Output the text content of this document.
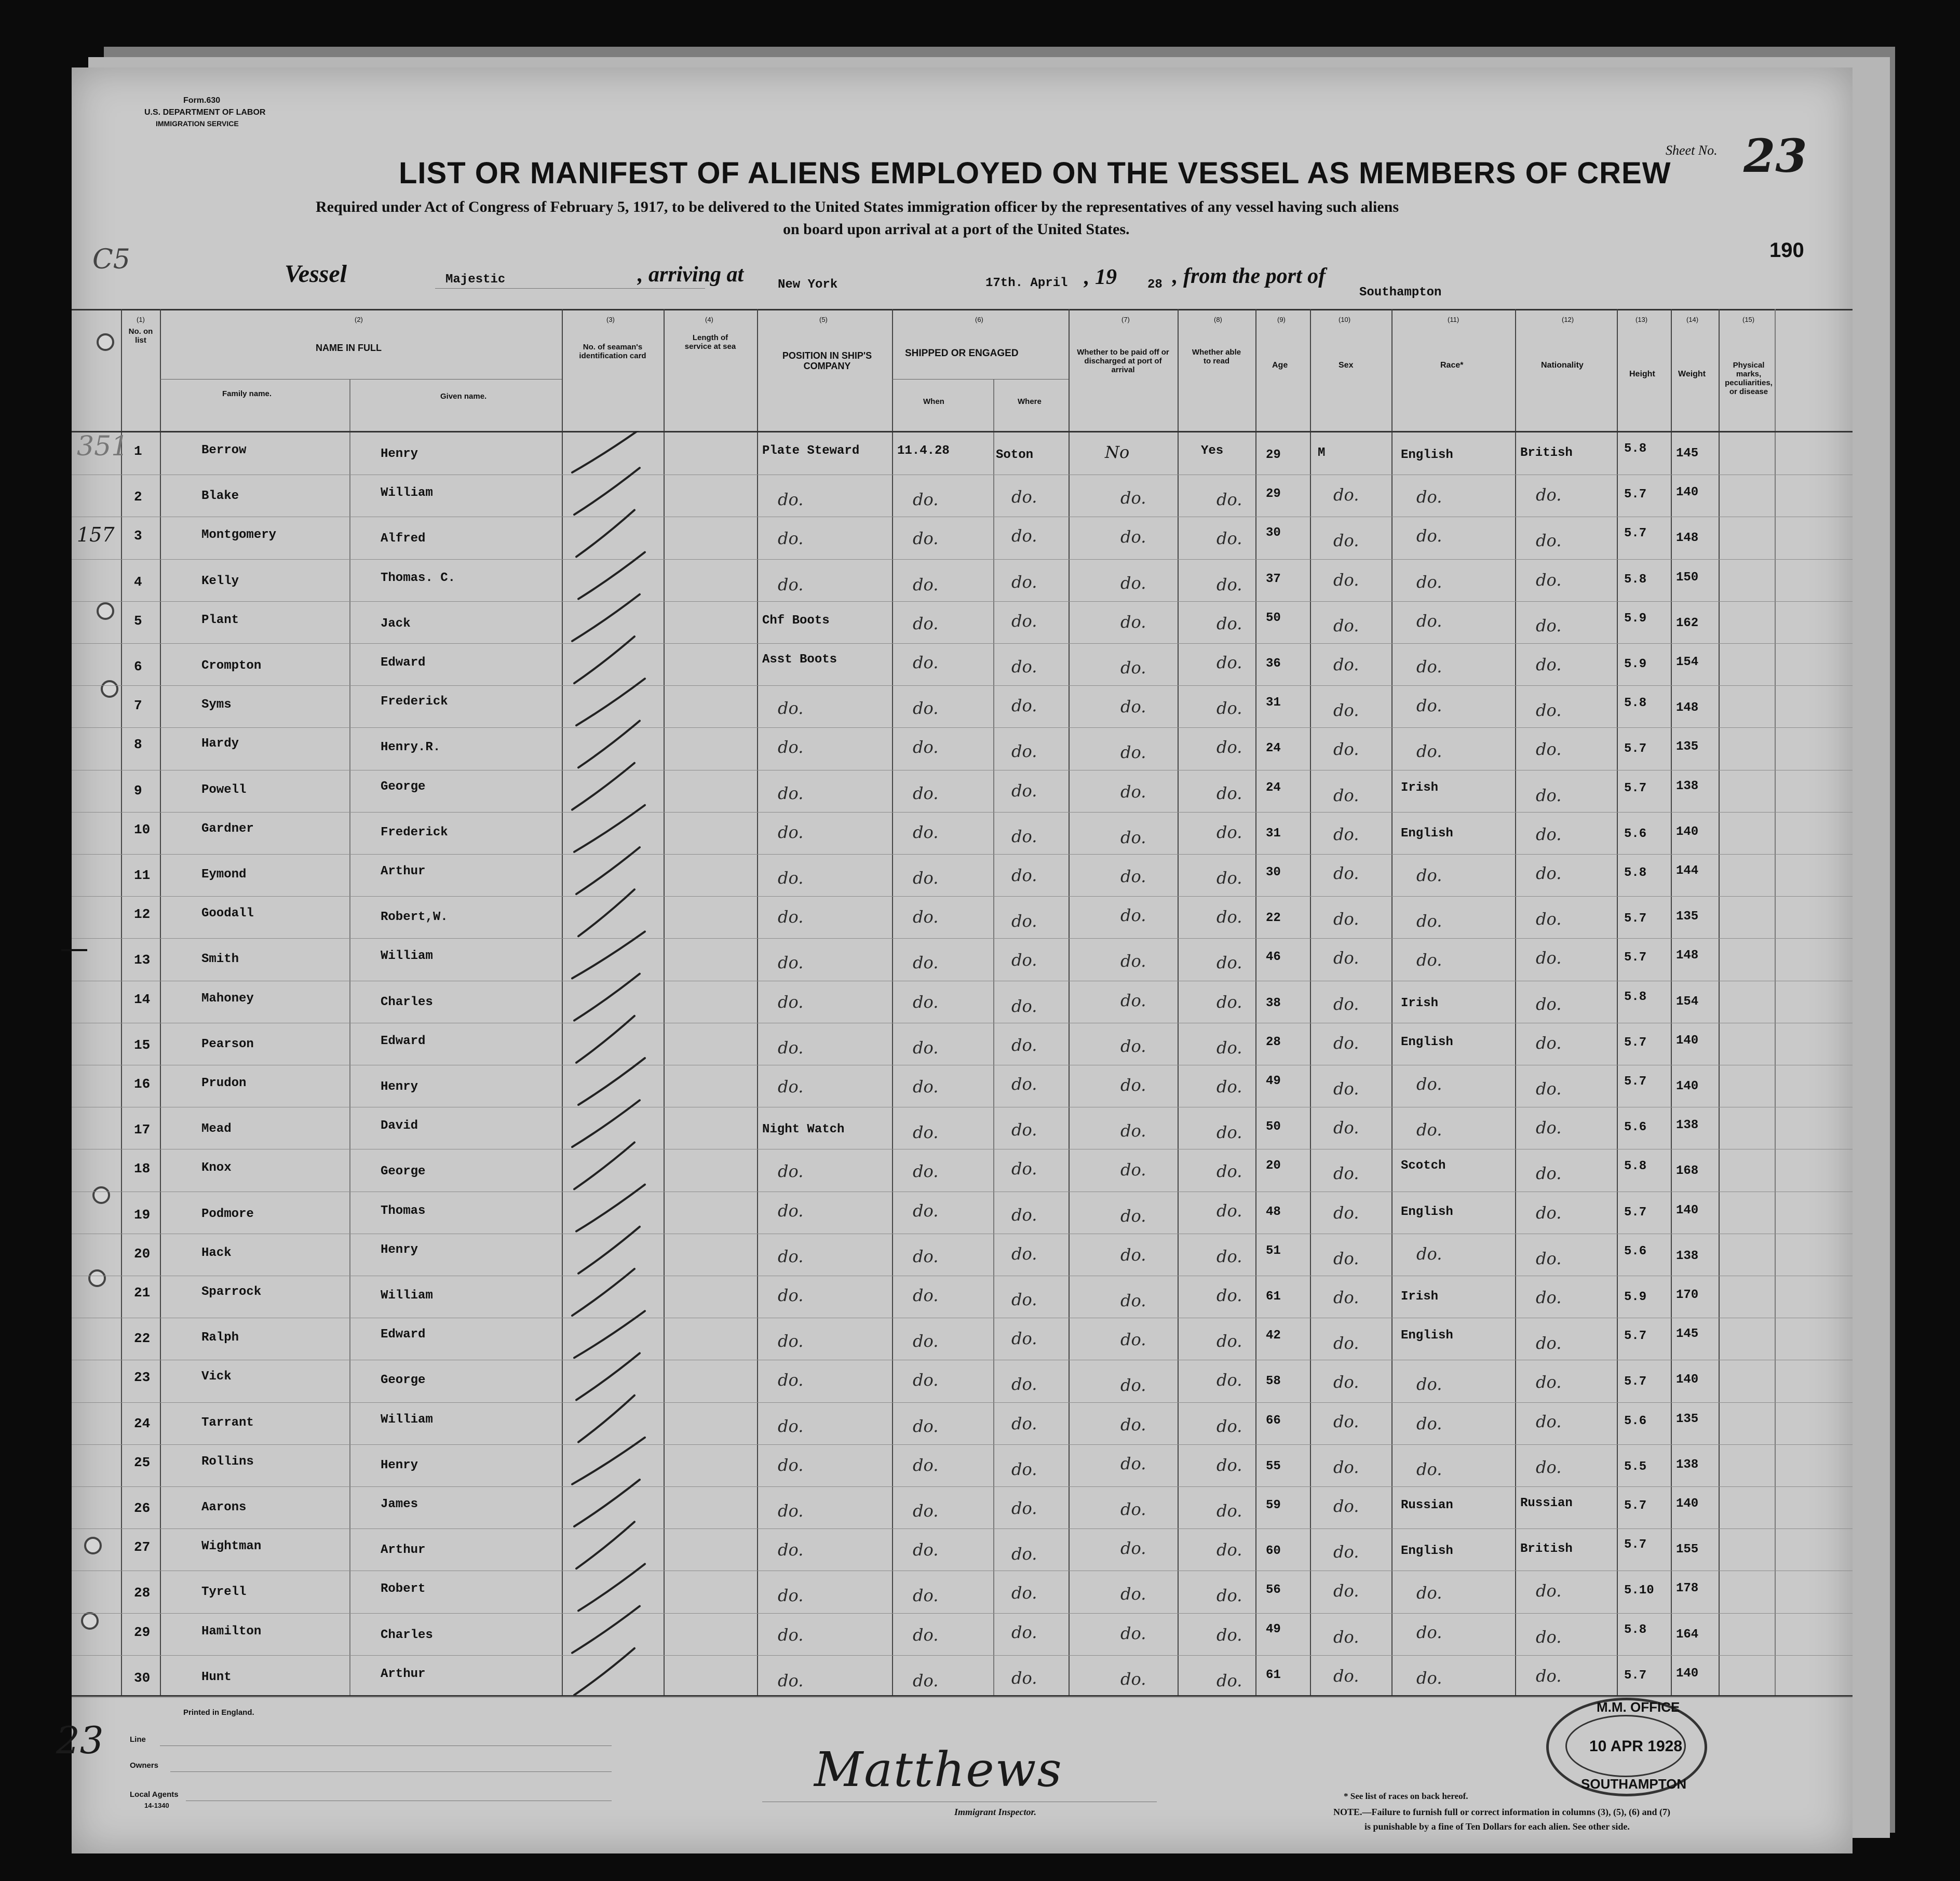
Form.630
U.S. DEPARTMENT OF LABOR
IMMIGRATION SERVICE
Sheet No. 23
LIST OR MANIFEST OF ALIENS EMPLOYED ON THE VESSEL AS MEMBERS OF CREW
Required under Act of Congress of February 5, 1917, to be delivered to the United States immigration officer by the representatives of any vessel having such aliens
on board upon arrival at a port of the United States.
190
C5	Vessel	Majestic	, arriving at	New York	17th. April , 19 28 , from the port of
Southampton
(1)
No. on list
(2)
NAME IN FULL
Family name.	Given name.
(3)
No. of seaman's identification card
(4)
Length of service at sea
(5)
POSITION IN SHIP'S COMPANY
(6)
SHIPPED OR ENGAGED
When	Where
(7)
Whether to be paid off or discharged at port of arrival
(8)
Whether able to read
(9)
Age
(10)
Sex
(11)
Race*
(12)
Nationality
(13)
Height
(14)
Weight
(15)
Physical marks, peculiarities, or disease
351
157
1	Berrow	Henry	Plate Steward	11.4.28	Soton	No	Yes	29	M	English	British	5.8 145
2	Blake	William	do.	do.	do.	do.	do. 29	do.	do.	do.	5.7 140
3	Montgomery	Alfred	do.	do.	do.	do.	do. 30	do.	do.	do.	5.7 148
4	Kelly	Thomas. C.	do.	do.	do.	do.	do. 37	do.	do.	do.	5.8 150
5	Plant	Jack	Chf Boots	do.	do.	do.	do. 50	do.	do.	do.	5.9 162
6	Crompton	Edward	Asst Boots	do.	do.	do.	do. 36	do.	do.	do.	5.9 154
7	Syms	Frederick	do.	do.	do.	do.	do. 31	do.	do.	do.	5.8 148
8	Hardy	Henry.R.	do.	do.	do.	do.	do. 24	do.	do.	do.	5.7 135
9	Powell	George	do.	do.	do.	do.	do. 24	do.	Irish	do.	5.7 138
10	Gardner	Frederick	do.	do.	do.	do.	do. 31	do.	English	do.	5.6 140
11	Eymond	Arthur	do.	do.	do.	do.	do. 30	do.	do.	do.	5.8 144
12	Goodall	Robert,W.	do.	do.	do.	do.	do. 22	do.	do.	do.	5.7 135
13	Smith	William	do.	do.	do.	do.	do. 46	do.	do.	do.	5.7 148
14	Mahoney	Charles	do.	do.	do.	do.	do. 38	do.	Irish	do.	5.8 154
15	Pearson	Edward	do.	do.	do.	do.	do. 28	do.	English	do.	5.7 140
16	Prudon	Henry	do.	do.	do.	do.	do. 49	do.	do.	do.	5.7 140
17	Mead	David	Night Watch	do.	do.	do.	do. 50	do.	do.	do.	5.6 138
18	Knox	George	do.	do.	do.	do.	do. 20	do.	Scotch	do.	5.8 168
19	Podmore	Thomas	do.	do.	do.	do.	do. 48	do.	English	do.	5.7 140
20	Hack	Henry	do.	do.	do.	do.	do. 51	do.	do.	do.	5.6 138
21	Sparrock	William	do.	do.	do.	do.	do. 61	do.	Irish	do.	5.9 170
22	Ralph	Edward	do.	do.	do.	do.	do. 42	do.	English	do.	5.7 145
23	Vick	George	do.	do.	do.	do.	do. 58	do.	do.	do.	5.7 140
24	Tarrant	William	do.	do.	do.	do.	do. 66	do.	do.	do.	5.6 135
25	Rollins	Henry	do.	do.	do.	do.	do. 55	do.	do.	do.	5.5 138
26	Aarons	James	do.	do.	do.	do.	do. 59	do.	Russian	Russian	5.7 140
27	Wightman	Arthur	do.	do.	do.	do.	do. 60	do.	English	British	5.7 155
28	Tyrell	Robert	do.	do.	do.	do.	do. 56	do.	do.	do.	5.10 178
29	Hamilton	Charles	do.	do.	do.	do.	do. 49	do.	do.	do.	5.8 164
30	Hunt	Arthur	do.	do.	do.	do.	do. 61	do.	do.	do.	5.7 140
Printed in England.
23	Line
Owners
Local Agents
14-1340
Matthews
Immigrant Inspector.
* See list of races on back hereof.
NOTE.—Failure to furnish full or correct information in columns (3), (5), (6) and (7)
is punishable by a fine of Ten Dollars for each alien. See other side.
M.M. OFFICE
10 APR 1928
SOUTHAMPTON
